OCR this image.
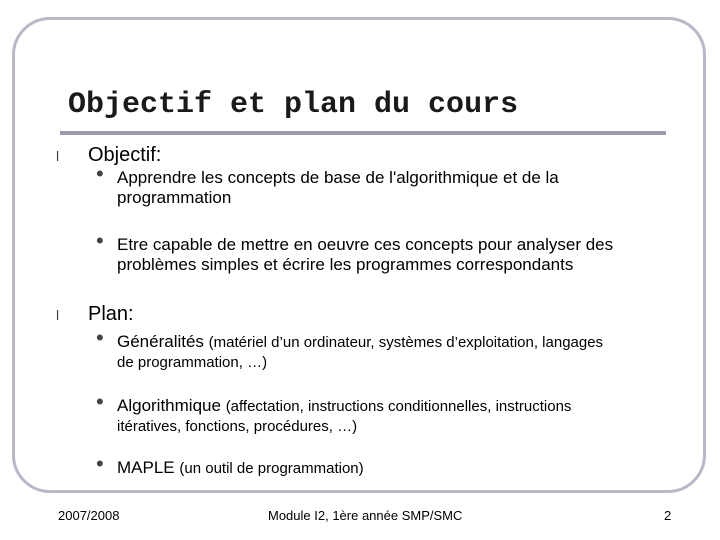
Objectif et plan du cours
l Objectif:
• Apprendre les concepts de base de l'algorithmique et de la
programmation
• Etre capable de mettre en oeuvre ces concepts pour analyser des
problèmes simples et écrire les programmes correspondants
l Plan:
• Généralités (matériel d’un ordinateur, systèmes d’exploitation, langages
de programmation, …)
• Algorithmique (affectation, instructions conditionnelles, instructions
itératives, fonctions, procédures, …)
• MAPLE (un outil de programmation)
2007/2008	Module I2, 1ère année SMP/SMC	2
